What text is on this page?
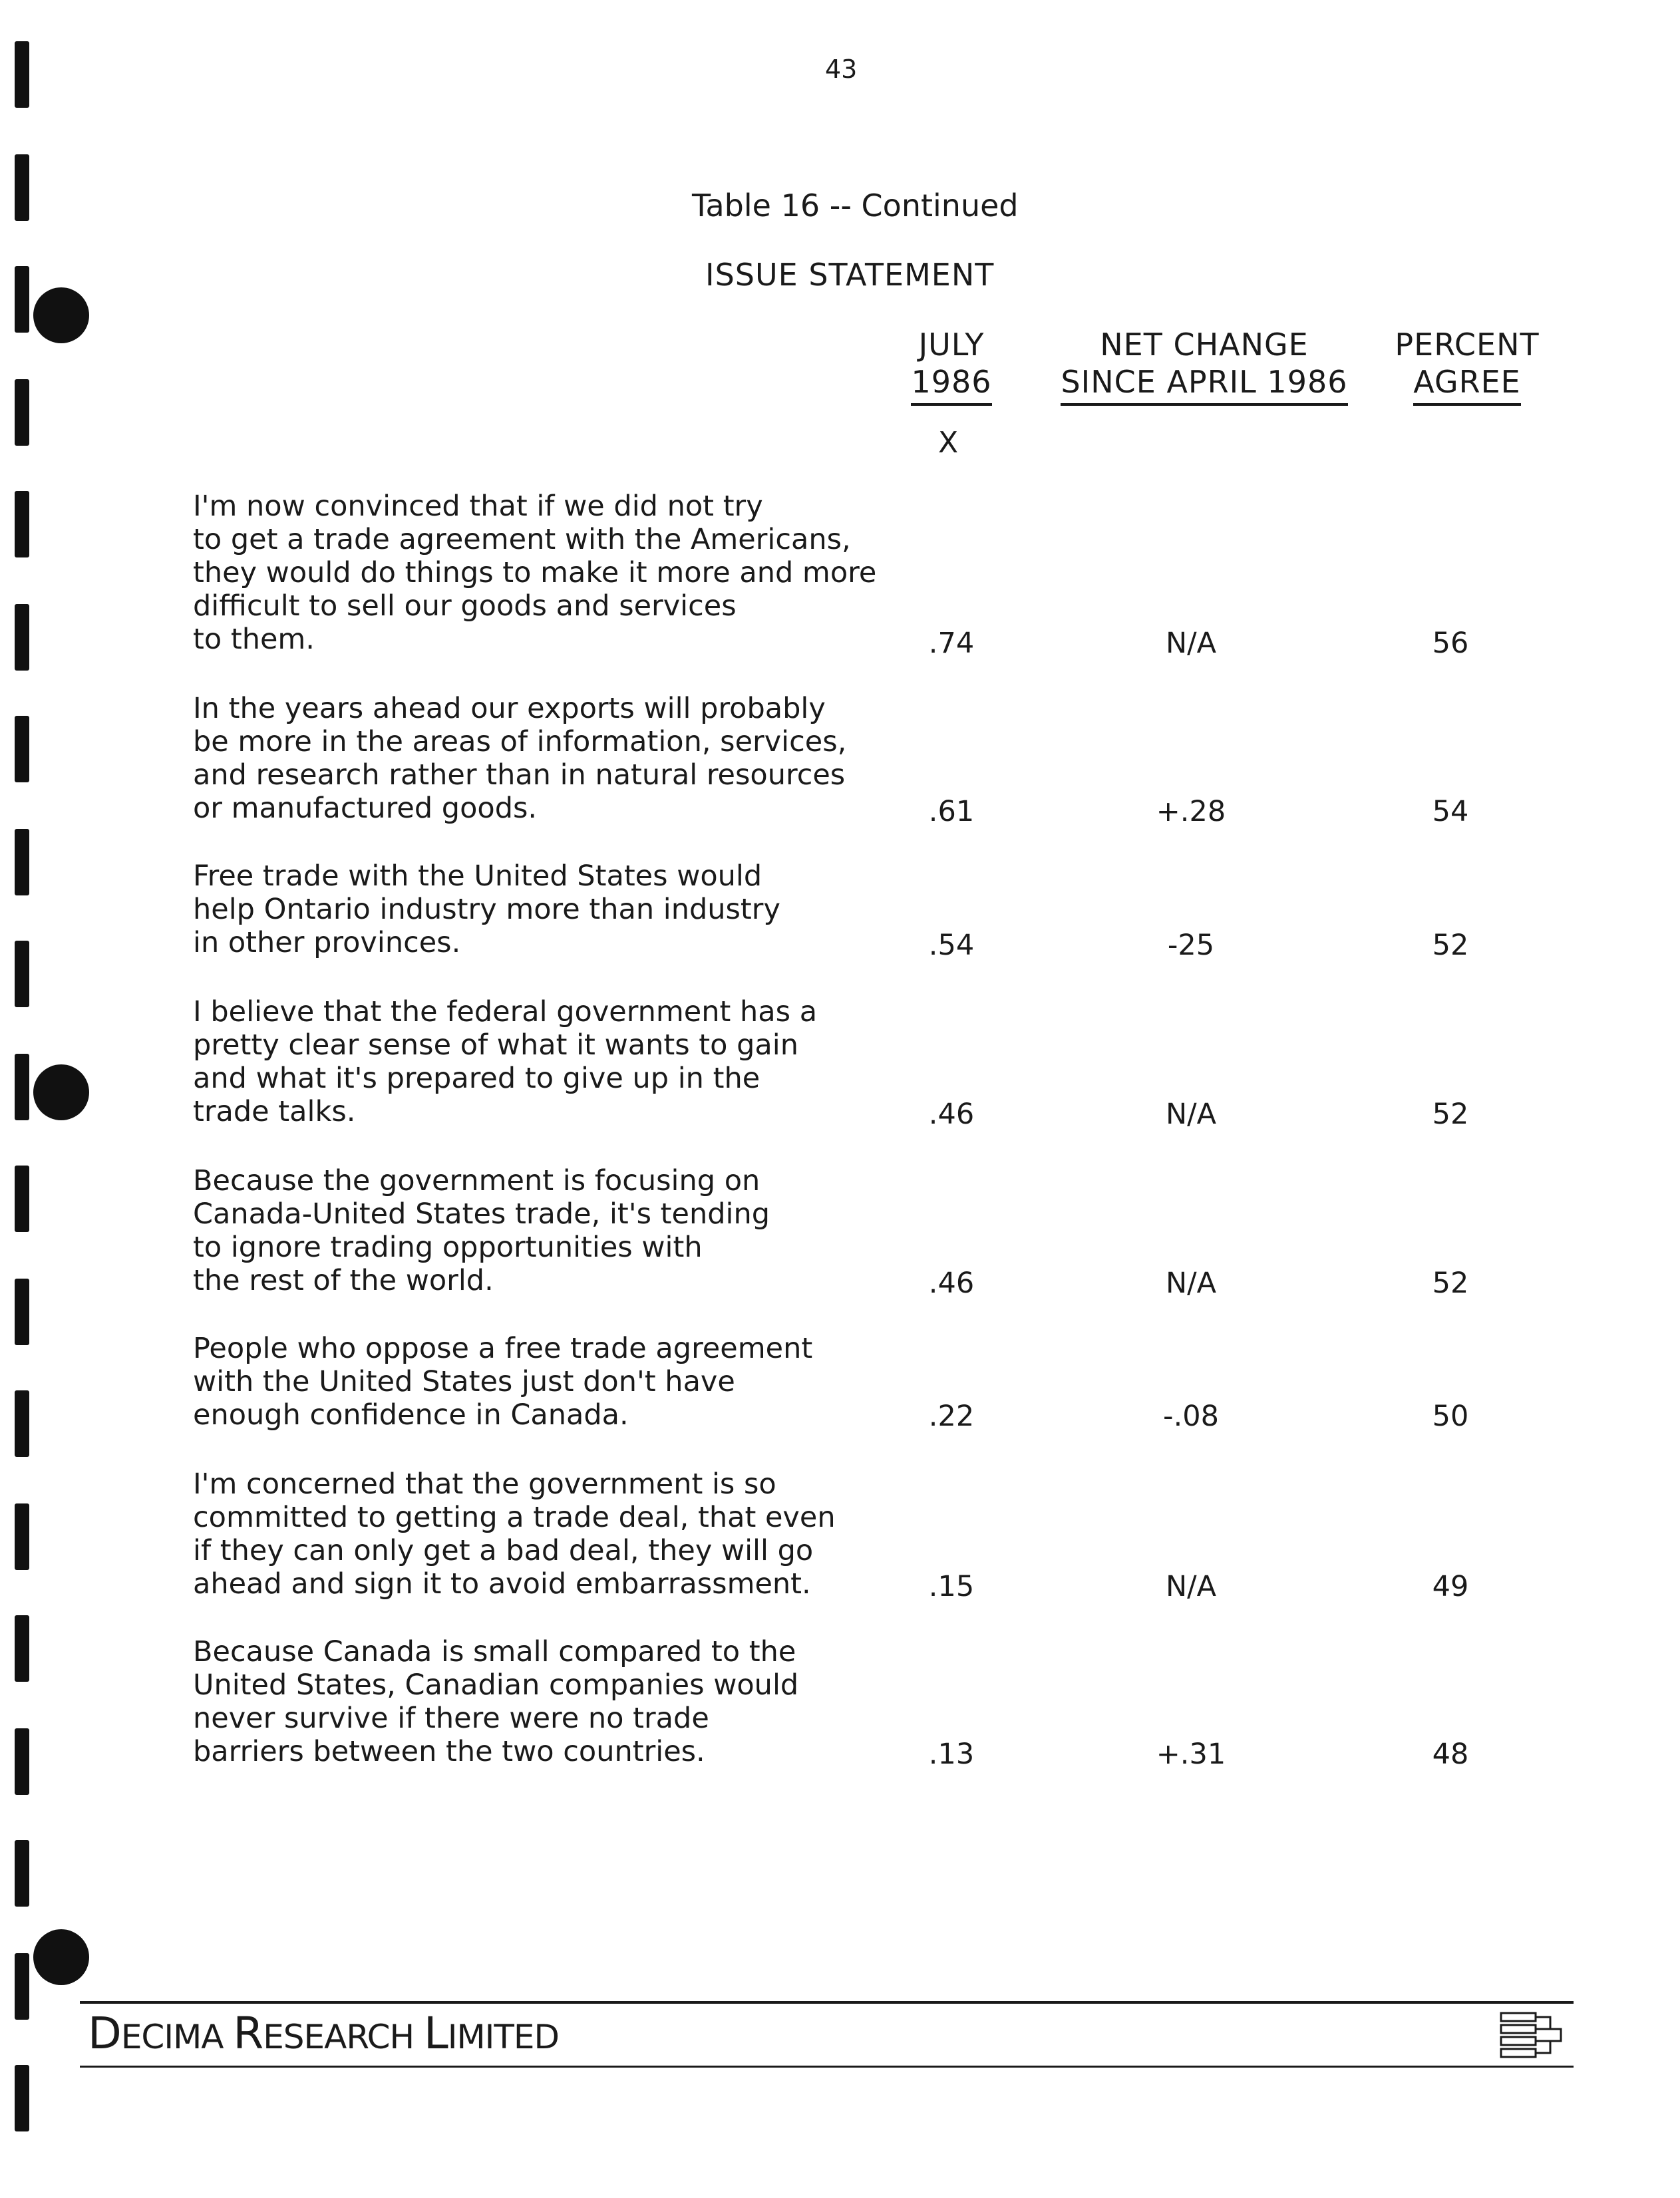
43
Table 16 -- Continued
ISSUE STATEMENT
JULY
1986
NET CHANGE
SINCE APRIL 1986
PERCENT
AGREE
X
I'm now convinced that if we did not try
to get a trade agreement with the Americans,
they would do things to make it more and more
difficult to sell our goods and services
to them.	.74	N/A	56
In the years ahead our exports will probably
be more in the areas of information, services,
and research rather than in natural resources
or manufactured goods.	.61	+.28	54
Free trade with the United States would
help Ontario industry more than industry
in other provinces.	.54	-25	52
I believe that the federal government has a
pretty clear sense of what it wants to gain
and what it's prepared to give up in the
trade talks.	.46	N/A	52
Because the government is focusing on
Canada-United States trade, it's tending
to ignore trading opportunities with
the rest of the world.	.46	N/A	52
People who oppose a free trade agreement
with the United States just don't have
enough confidence in Canada.	.22	-.08	50
I'm concerned that the government is so
committed to getting a trade deal, that even
if they can only get a bad deal, they will go
ahead and sign it to avoid embarrassment.	.15	N/A	49
Because Canada is small compared to the
United States, Canadian companies would
never survive if there were no trade
barriers between the two countries.	.13	+.31	48
DECIMA RESEARCH LIMITED
